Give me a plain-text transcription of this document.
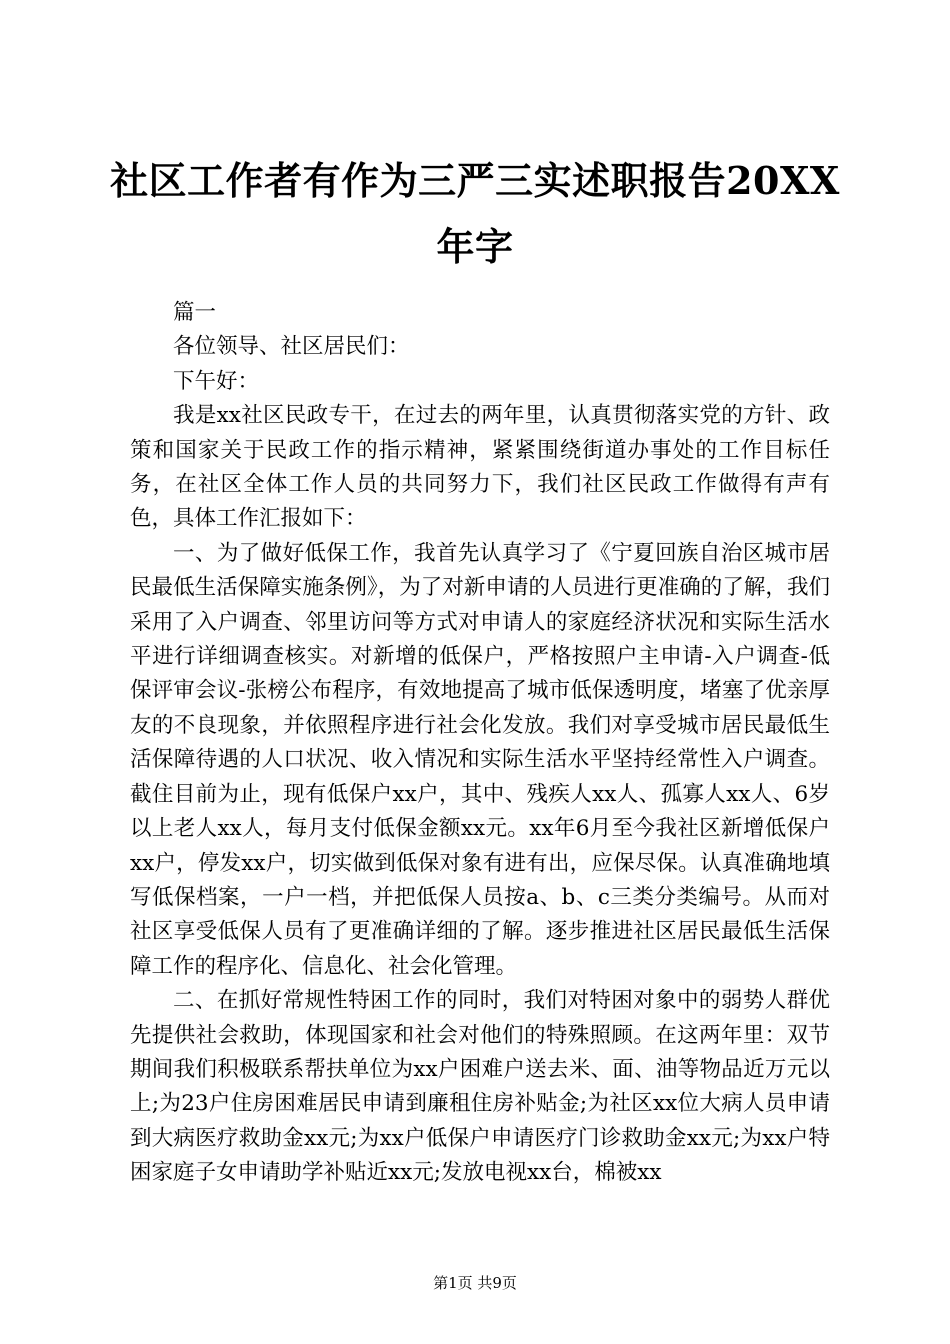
社区工作者有作为三严三实述职报告20XX年字

篇一

各位领导、社区居民们：

下午好：

我是xx社区民政专干，在过去的两年里，认真贯彻落实党的方针、政策和国家关于民政工作的指示精神，紧紧围绕街道办事处的工作目标任务，在社区全体工作人员的共同努力下，我们社区民政工作做得有声有色，具体工作汇报如下：

一、为了做好低保工作，我首先认真学习了《宁夏回族自治区城市居民最低生活保障实施条例》，为了对新申请的人员进行更准确的了解，我们采用了入户调查、邻里访问等方式对申请人的家庭经济状况和实际生活水平进行详细调查核实。对新增的低保户，严格按照户主申请-入户调查-低保评审会议-张榜公布程序，有效地提高了城市低保透明度，堵塞了优亲厚友的不良现象，并依照程序进行社会化发放。我们对享受城市居民最低生活保障待遇的人口状况、收入情况和实际生活水平坚持经常性入户调查。截住目前为止，现有低保户xx户，其中、残疾人xx人、孤寡人xx人、6岁以上老人xx人，每月支付低保金额xx元。xx年6月至今我社区新增低保户xx户，停发xx户，切实做到低保对象有进有出，应保尽保。认真准确地填写低保档案，一户一档，并把低保人员按a、b、c三类分类编号。从而对社区享受低保人员有了更准确详细的了解。逐步推进社区居民最低生活保障工作的程序化、信息化、社会化管理。

二、在抓好常规性特困工作的同时，我们对特困对象中的弱势人群优先提供社会救助，体现国家和社会对他们的特殊照顾。在这两年里：双节期间我们积极联系帮扶单位为xx户困难户送去米、面、油等物品近万元以上;为23户住房困难居民申请到廉租住房补贴金;为社区xx位大病人员申请到大病医疗救助金xx元;为xx户低保户申请医疗门诊救助金xx元;为xx户特困家庭子女申请助学补贴近xx元;发放电视xx台，棉被xx

第1页 共9页
